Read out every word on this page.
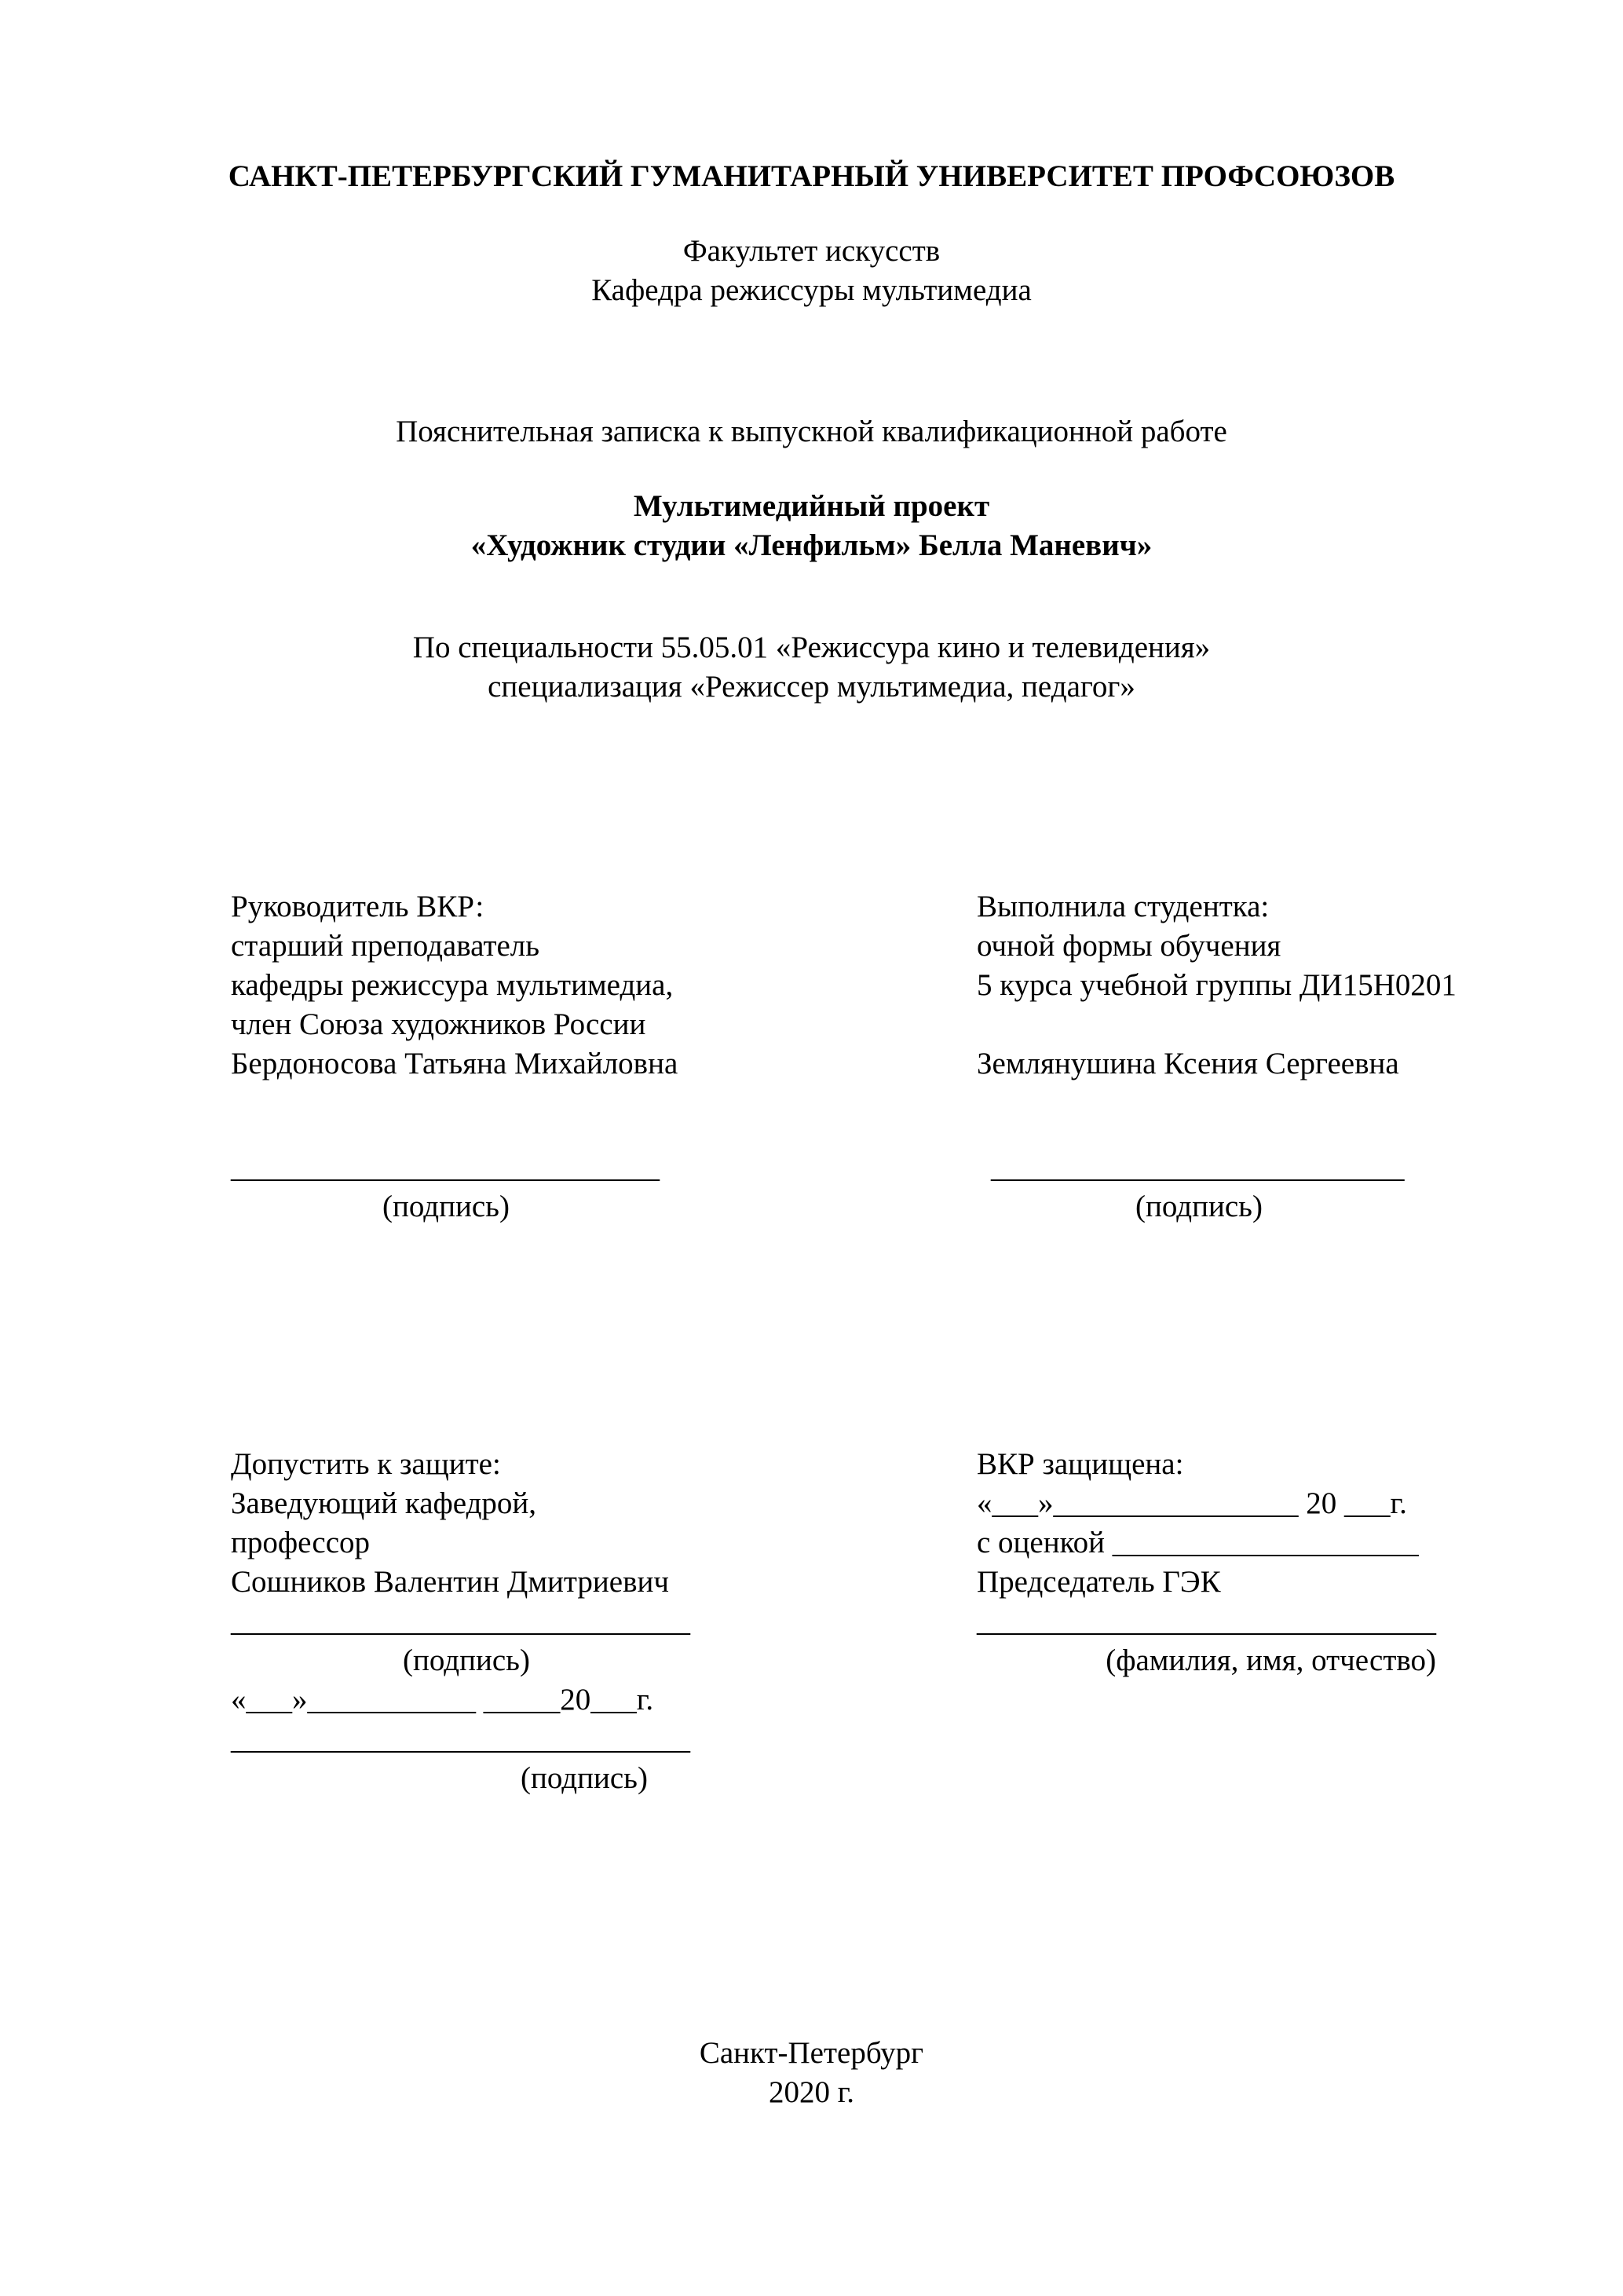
САНКТ-ПЕТЕРБУРГСКИЙ ГУМАНИТАРНЫЙ УНИВЕРСИТЕТ ПРОФСОЮЗОВ
Факультет искусств
Кафедра режиссуры мультимедиа
Пояснительная записка к выпускной квалификационной работе
Мультимедийный проект
«Художник студии «Ленфильм» Белла Маневич»
По специальности 55.05.01 «Режиссура кино и телевидения»
специализация «Режиссер мультимедиа, педагог»
Руководитель ВКР:
старший преподаватель
кафедры режиссура мультимедиа,
член Союза художников России
Бердоносова Татьяна Михайловна
Выполнила студентка:
очной формы обучения
5 курса учебной группы ДИ15Н0201
Землянушина Ксения Сергеевна
____________________________
(подпись)
___________________________
(подпись)
Допустить к защите:
Заведующий кафедрой,
профессор
Сошников Валентин Дмитриевич
______________________________
(подпись)
«___»___________ _____20___г.
______________________________
(подпись)
ВКР защищена:
«___»________________ 20 ___г.
с оценкой ____________________
Председатель ГЭК
______________________________
(фамилия, имя, отчество)
Санкт-Петербург
2020 г.
